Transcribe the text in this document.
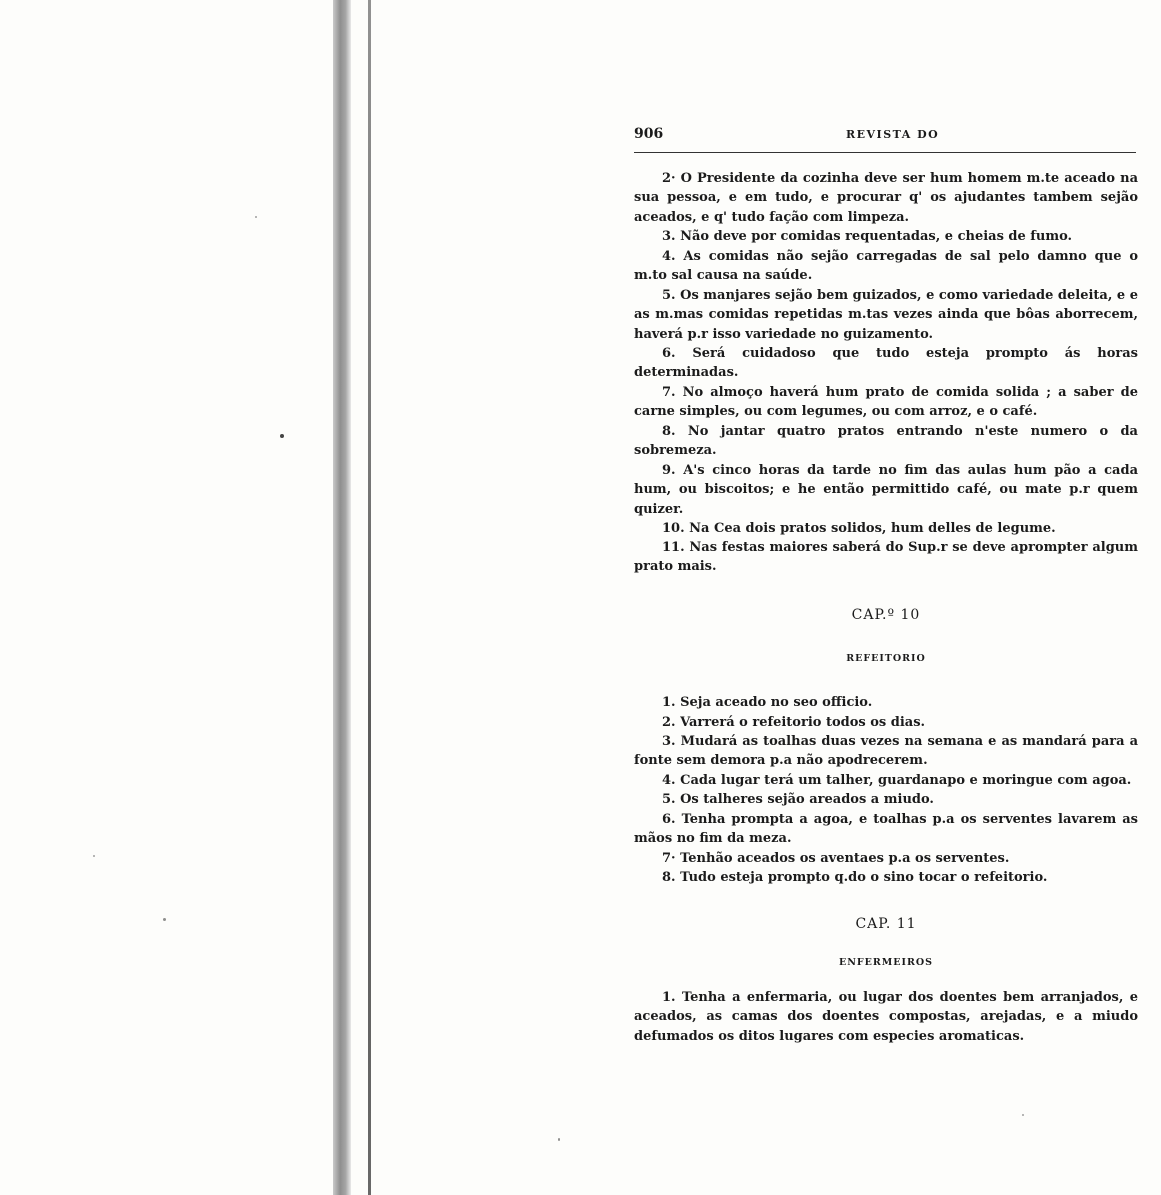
906	REVISTA DO

2· O Presidente da cozinha deve ser hum homem m.te aceado na sua pessoa, e em tudo, e procurar q' os ajudantes tambem sejão aceados, e q' tudo fação com limpeza.

3. Não deve por comidas requentadas, e cheias de fumo.

4. As comidas não sejão carregadas de sal pelo damno que o m.to sal causa na saúde.

5. Os manjares sejão bem guizados, e como variedade deleita, e e as m.mas comidas repetidas m.tas vezes ainda que bôas aborrecem, haverá p.r isso variedade no guizamento.

6. Será cuidadoso que tudo esteja prompto ás horas determinadas.

7. No almoço haverá hum prato de comida solida ; a saber de carne simples, ou com legumes, ou com arroz, e o café.

8. No jantar quatro pratos entrando n'este numero o da sobremeza.

9. A's cinco horas da tarde no fim das aulas hum pão a cada hum, ou biscoitos; e he então permittido café, ou mate p.r quem quizer.

10. Na Cea dois pratos solidos, hum delles de legume.

11. Nas festas maiores saberá do Sup.r se deve aprompter algum prato mais.

CAP.º 10
REFEITORIO

1. Seja aceado no seo officio.

2. Varrerá o refeitorio todos os dias.

3. Mudará as toalhas duas vezes na semana e as mandará para a fonte sem demora p.a não apodrecerem.

4. Cada lugar terá um talher, guardanapo e moringue com agoa.

5. Os talheres sejão areados a miudo.

6. Tenha prompta a agoa, e toalhas p.a os serventes lavarem as mãos no fim da meza.

7· Tenhão aceados os aventaes p.a os serventes.

8. Tudo esteja prompto q.do o sino tocar o refeitorio.

CAP. 11
ENFERMEIROS

1. Tenha a enfermaria, ou lugar dos doentes bem arranjados, e aceados, as camas dos doentes compostas, arejadas, e a miudo defumados os ditos lugares com especies aromaticas.
